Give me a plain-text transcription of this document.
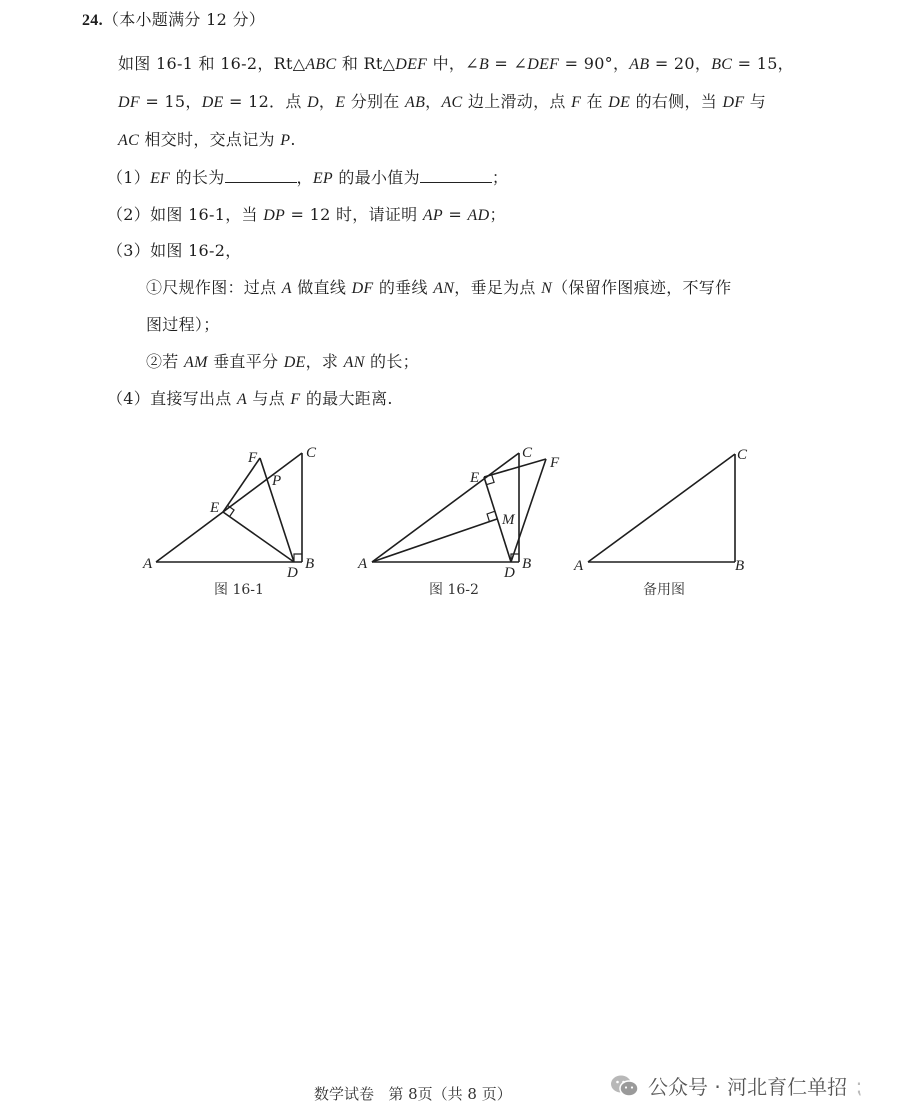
24.（本小题满分 12 分）
如图 16-1 和 16-2，Rt△ABC 和 Rt△DEF 中，∠B = ∠DEF = 90°，AB = 20，BC = 15，
DF = 15，DE = 12．点 D，E 分别在 AB，AC 边上滑动，点 F 在 DE 的右侧，当 DF 与
AC 相交时，交点记为 P.
（1）EF 的长为	，EP 的最小值为	；
（2）如图 16-1，当 DP = 12 时，请证明 AP = AD；
（3）如图 16-2，
①尺规作图：过点 A 做直线 DF 的垂线 AN，垂足为点 N（保留作图痕迹，不写作
图过程）；
②若 AM 垂直平分 DE，求 AN 的长；
（4）直接写出点 A 与点 F 的最大距离.
A	B
C
D
E
F
P
A	B
C
D
E
F
M
A	B
C
图 16-1	图 16-2	备用图
数学试卷 第 8页（共 8 页）	公众号 · 河北育仁单招 ⁏
